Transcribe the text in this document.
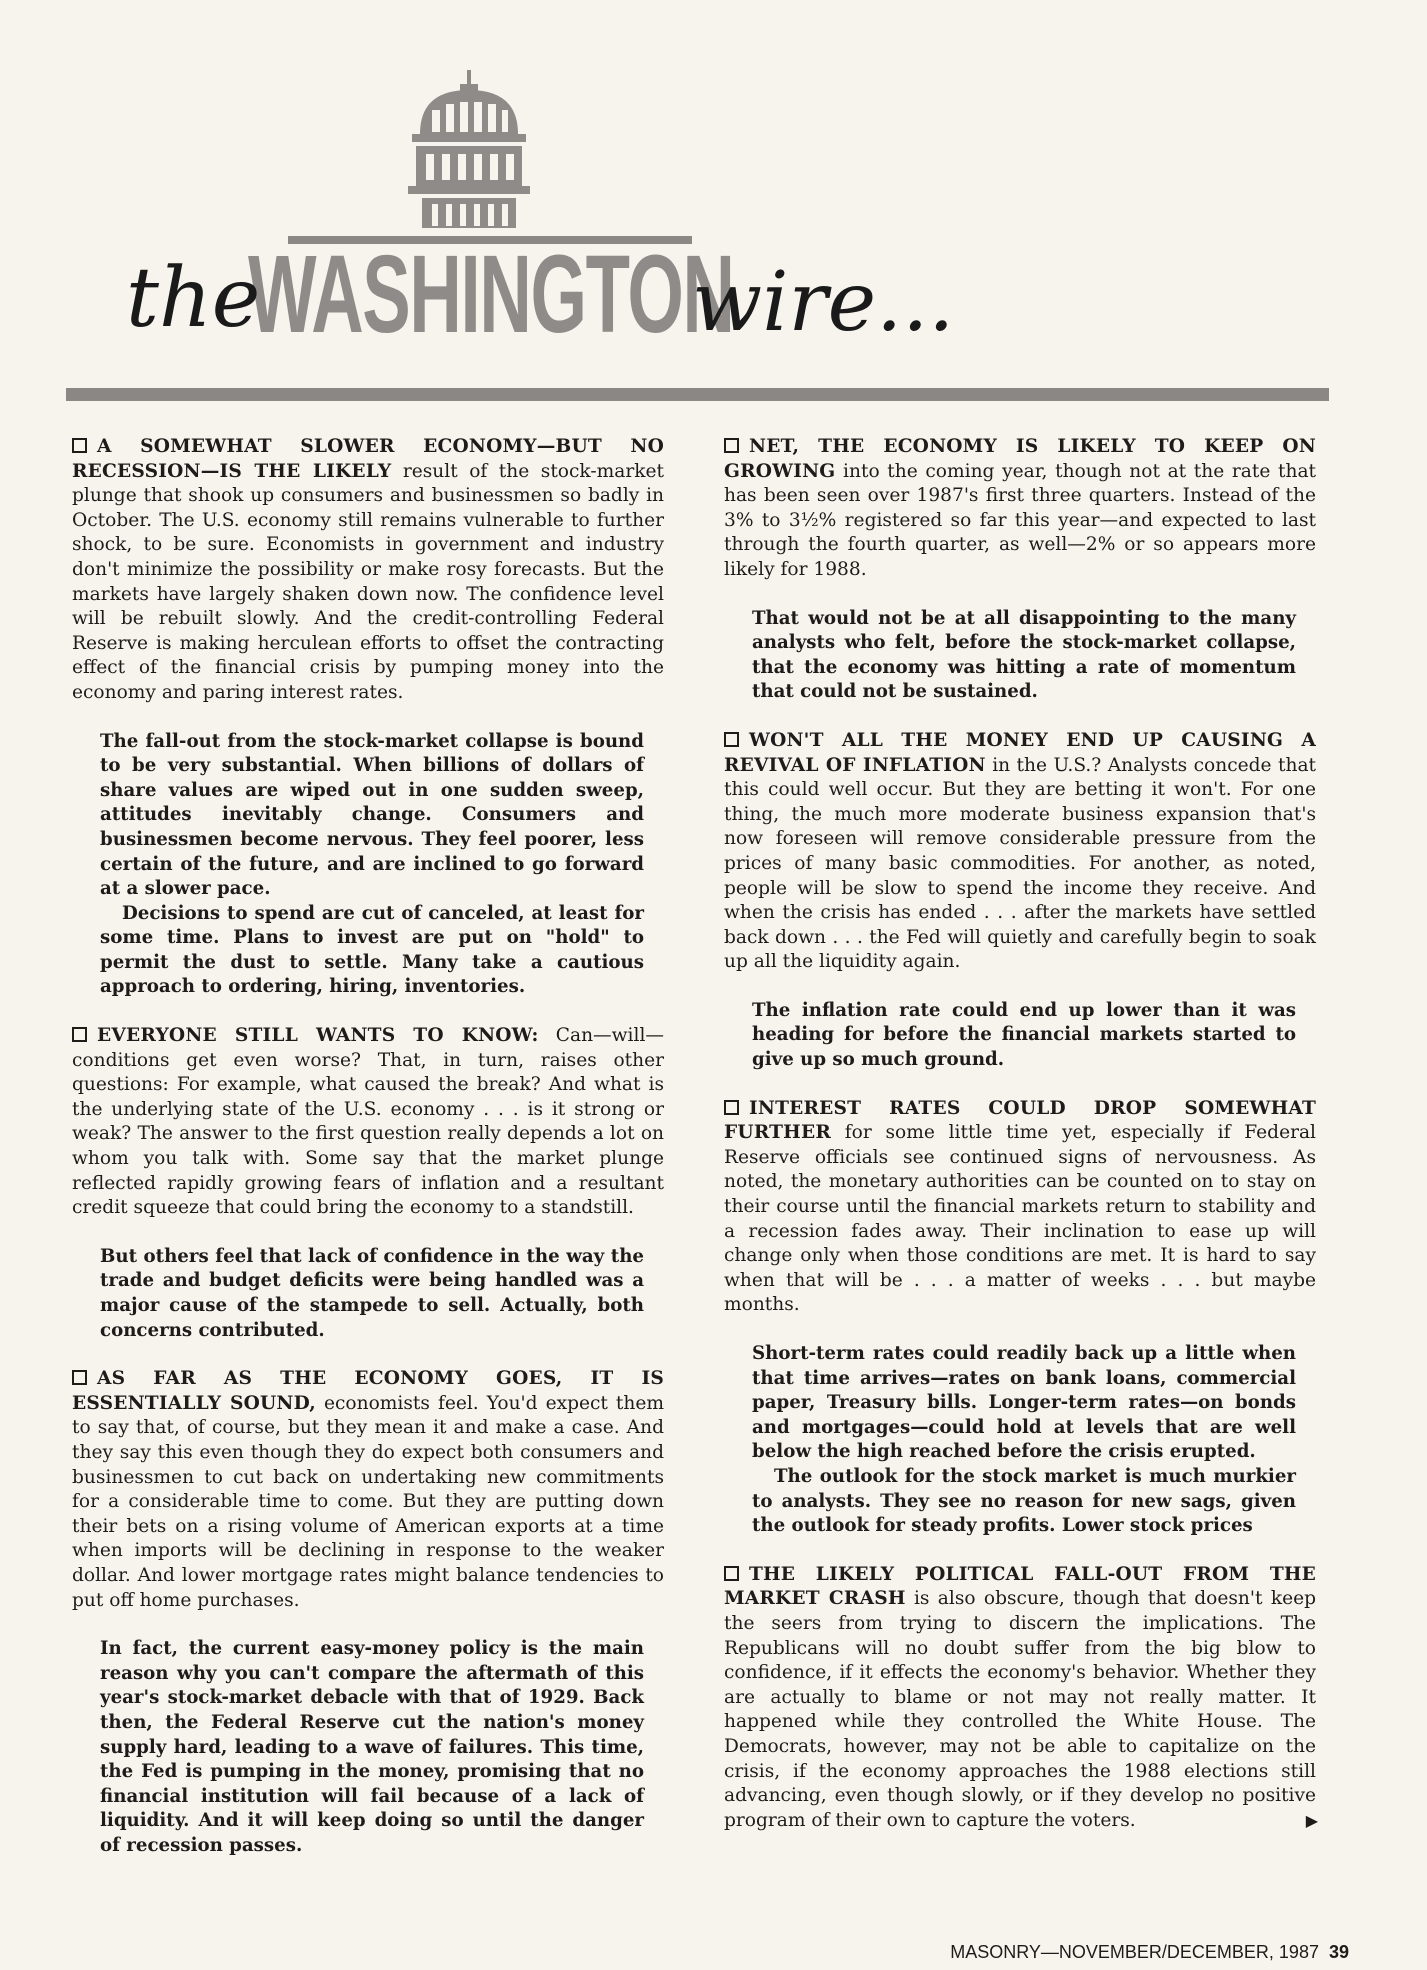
WASHINGTON
the	wire...

A SOMEWHAT SLOWER ECONOMY—BUT NO RECESSION—IS THE LIKELY result of the stock-market plunge that shook up consumers and businessmen so badly in October. The U.S. economy still remains vulnerable to further shock, to be sure. Economists in government and industry don't minimize the possibility or make rosy forecasts. But the markets have largely shaken down now. The confidence level will be rebuilt slowly. And the credit-controlling Federal Reserve is making herculean efforts to offset the contracting effect of the financial crisis by pumping money into the economy and paring interest rates.

The fall-out from the stock-market collapse is bound to be very substantial. When billions of dollars of share values are wiped out in one sudden sweep, attitudes inevitably change. Consumers and businessmen become nervous. They feel poorer, less certain of the future, and are inclined to go forward at a slower pace.

Decisions to spend are cut of canceled, at least for some time. Plans to invest are put on "hold" to permit the dust to settle. Many take a cautious approach to ordering, hiring, inventories.

EVERYONE STILL WANTS TO KNOW: Can—will—conditions get even worse? That, in turn, raises other questions: For example, what caused the break? And what is the underlying state of the U.S. economy . . . is it strong or weak? The answer to the first question really depends a lot on whom you talk with. Some say that the market plunge reflected rapidly growing fears of inflation and a resultant credit squeeze that could bring the economy to a standstill.

But others feel that lack of confidence in the way the trade and budget deficits were being handled was a major cause of the stampede to sell. Actually, both concerns contributed.

AS FAR AS THE ECONOMY GOES, IT IS ESSENTIALLY SOUND, economists feel. You'd expect them to say that, of course, but they mean it and make a case. And they say this even though they do expect both consumers and businessmen to cut back on undertaking new commitments for a considerable time to come. But they are putting down their bets on a rising volume of American exports at a time when imports will be declining in response to the weaker dollar. And lower mortgage rates might balance tendencies to put off home purchases.

In fact, the current easy-money policy is the main reason why you can't compare the aftermath of this year's stock-market debacle with that of 1929. Back then, the Federal Reserve cut the nation's money supply hard, leading to a wave of failures. This time, the Fed is pumping in the money, promising that no financial institution will fail because of a lack of liquidity. And it will keep doing so until the danger of recession passes.

NET, THE ECONOMY IS LIKELY TO KEEP ON GROWING into the coming year, though not at the rate that has been seen over 1987's first three quarters. Instead of the 3% to 3½% registered so far this year—and expected to last through the fourth quarter, as well—2% or so appears more likely for 1988.

That would not be at all disappointing to the many analysts who felt, before the stock-market collapse, that the economy was hitting a rate of momentum that could not be sustained.

WON'T ALL THE MONEY END UP CAUSING A REVIVAL OF INFLATION in the U.S.? Analysts concede that this could well occur. But they are betting it won't. For one thing, the much more moderate business expansion that's now foreseen will remove considerable pressure from the prices of many basic commodities. For another, as noted, people will be slow to spend the income they receive. And when the crisis has ended . . . after the markets have settled back down . . . the Fed will quietly and carefully begin to soak up all the liquidity again.

The inflation rate could end up lower than it was heading for before the financial markets started to give up so much ground.

INTEREST RATES COULD DROP SOMEWHAT FURTHER for some little time yet, especially if Federal Reserve officials see continued signs of nervousness. As noted, the monetary authorities can be counted on to stay on their course until the financial markets return to stability and a recession fades away. Their inclination to ease up will change only when those conditions are met. It is hard to say when that will be . . . a matter of weeks . . . but maybe months.

Short-term rates could readily back up a little when that time arrives—rates on bank loans, commercial paper, Treasury bills. Longer-term rates—on bonds and mortgages—could hold at levels that are well below the high reached before the crisis erupted.

The outlook for the stock market is much murkier to analysts. They see no reason for new sags, given the outlook for steady profits. Lower stock prices

THE LIKELY POLITICAL FALL-OUT FROM THE MARKET CRASH is also obscure, though that doesn't keep the seers from trying to discern the implications. The Republicans will no doubt suffer from the big blow to confidence, if it effects the economy's behavior. Whether they are actually to blame or not may not really matter. It happened while they controlled the White House. The Democrats, however, may not be able to capitalize on the crisis, if the economy approaches the 1988 elections still advancing, even though slowly, or if they develop no positive program of their own to capture the voters.	▶

MASONRY—NOVEMBER/DECEMBER, 1987 39
